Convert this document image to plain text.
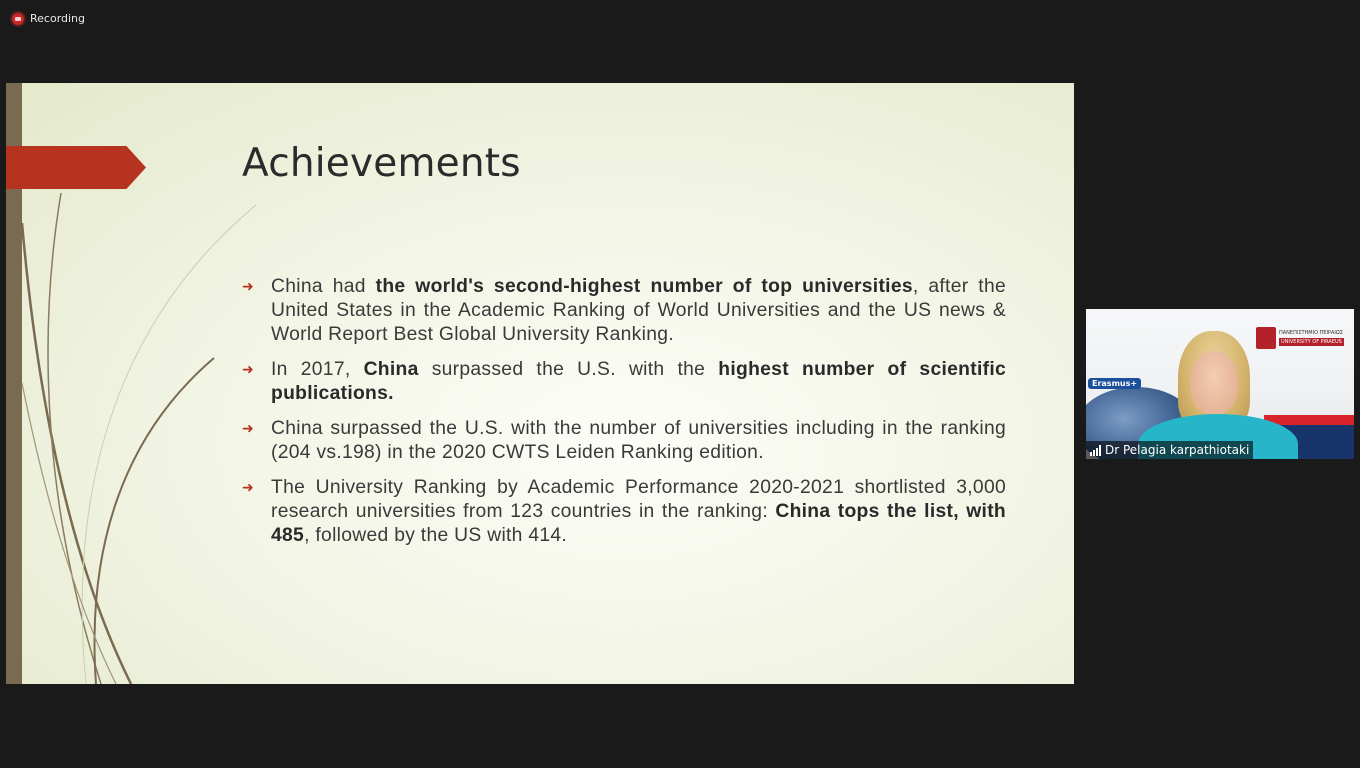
Recording
Achievements
➜ China had the world's second-highest number of top universities, after the United States in the Academic Ranking of World Universities and the US news & World Report Best Global University Ranking.
➜ In 2017, China surpassed the U.S. with the highest number of scientific publications.
➜ China surpassed the U.S. with the number of universities including in the ranking (204 vs.198) in the 2020 CWTS Leiden Ranking edition.
➜ The University Ranking by Academic Performance 2020-2021 shortlisted 3,000 research universities from 123 countries in the ranking: China tops the list, with 485, followed by the US with 414.
Erasmus+
ΠΑΝΕΠΙΣΤΗΜΙΟ ΠΕΙΡΑΙΩΣ
UNIVERSITY OF PIRAEUS
Dr Pelagia karpathiotaki
